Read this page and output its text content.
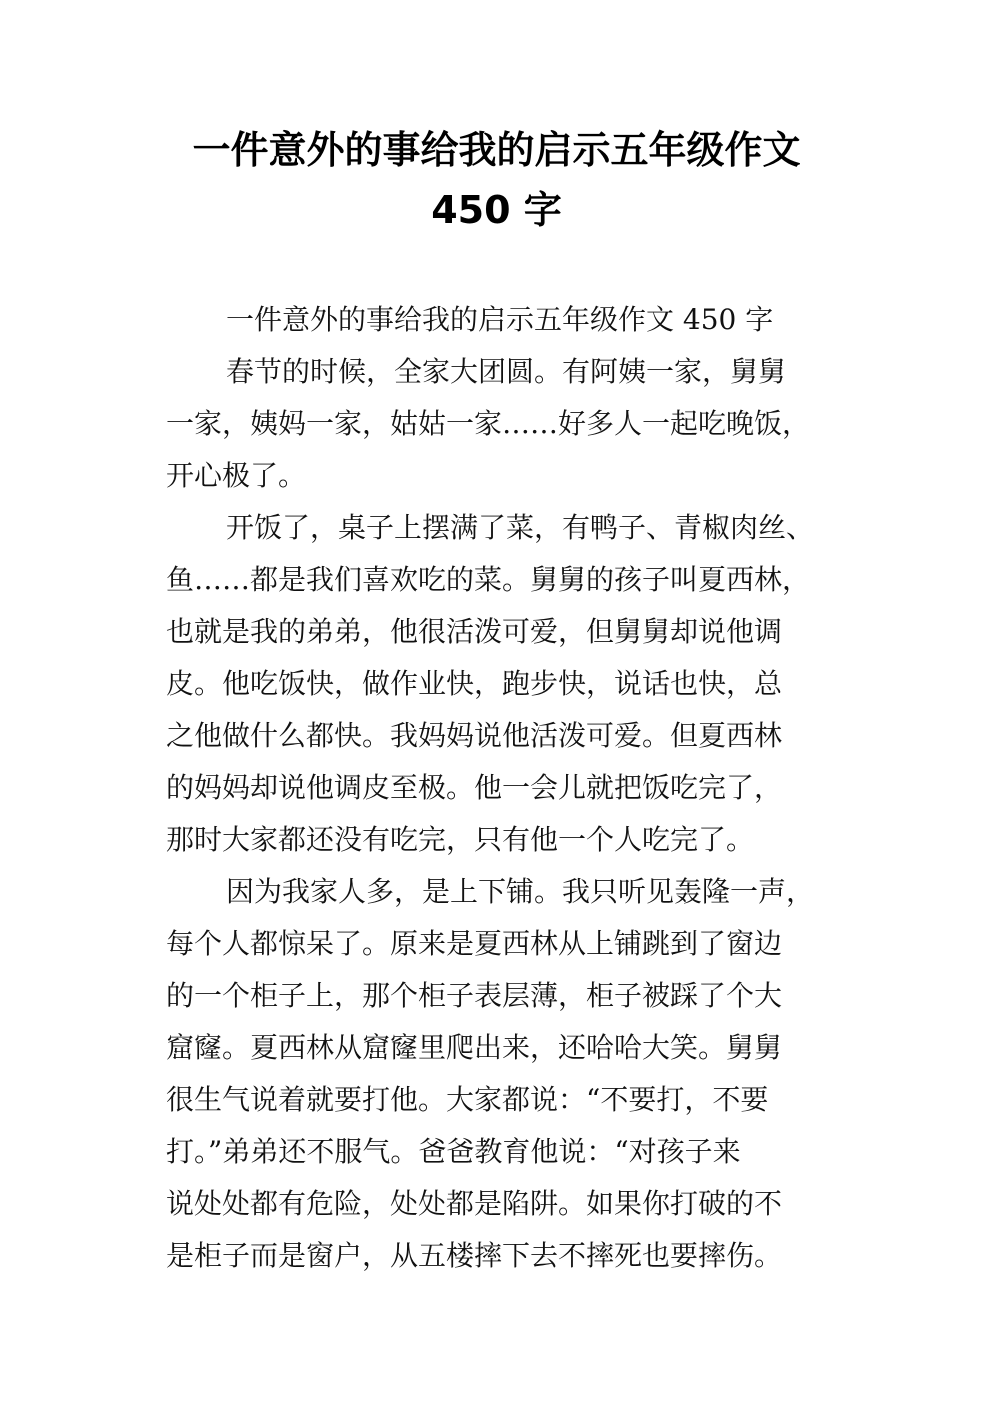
一件意外的事给我的启示五年级作文
450 字

一件意外的事给我的启示五年级作文 450 字

春节的时候，全家大团圆。有阿姨一家，舅舅
一家，姨妈一家，姑姑一家……好多人一起吃晚饭，
开心极了。

开饭了，桌子上摆满了菜，有鸭子、青椒肉丝、
鱼……都是我们喜欢吃的菜。舅舅的孩子叫夏西林，
也就是我的弟弟，他很活泼可爱，但舅舅却说他调
皮。他吃饭快，做作业快，跑步快，说话也快，总
之他做什么都快。我妈妈说他活泼可爱。但夏西林
的妈妈却说他调皮至极。他一会儿就把饭吃完了，
那时大家都还没有吃完，只有他一个人吃完了。

因为我家人多，是上下铺。我只听见轰隆一声，
每个人都惊呆了。原来是夏西林从上铺跳到了窗边
的一个柜子上，那个柜子表层薄，柜子被踩了个大
窟窿。夏西林从窟窿里爬出来，还哈哈大笑。舅舅
很生气说着就要打他。大家都说：“不要打，不要
打。”弟弟还不服气。爸爸教育他说：“对孩子来
说处处都有危险，处处都是陷阱。如果你打破的不
是柜子而是窗户，从五楼摔下去不摔死也要摔伤。
